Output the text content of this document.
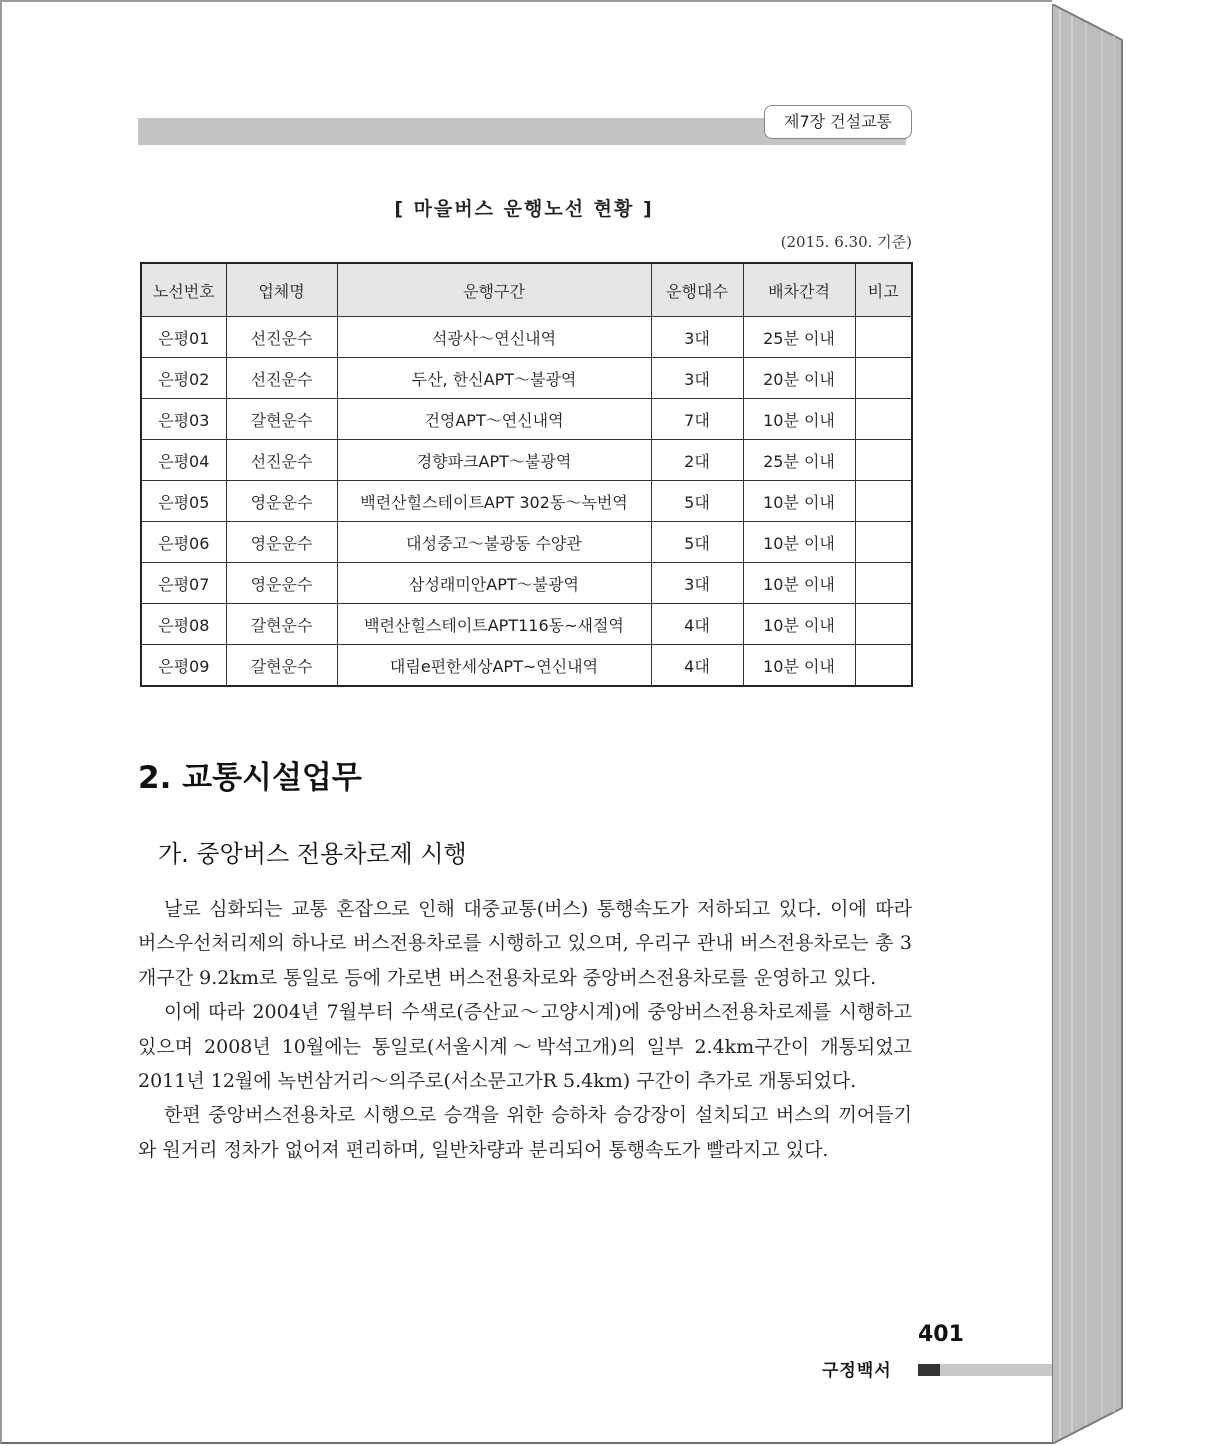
제7장 건설교통
[ 마을버스 운행노선 현황 ]
(2015. 6.30. 기준)
노선번호	업체명	운행구간	운행대수	배차간격	비고
은평01	선진운수	석광사～연신내역	3대	25분 이내	
은평02	선진운수	두산, 한신APT～불광역	3대	20분 이내	
은평03	갈현운수	건영APT～연신내역	7대	10분 이내	
은평04	선진운수	경향파크APT～불광역	2대	25분 이내	
은평05	영운운수	백련산힐스테이트APT 302동～녹번역	5대	10분 이내	
은평06	영운운수	대성중고～불광동 수양관	5대	10분 이내	
은평07	영운운수	삼성래미안APT～불광역	3대	10분 이내	
은평08	갈현운수	백련산힐스테이트APT116동~새절역	4대	10분 이내	
은평09	갈현운수	대림e편한세상APT~연신내역	4대	10분 이내	
2. 교통시설업무
가. 중앙버스 전용차로제 시행

날로 심화되는 교통 혼잡으로 인해 대중교통(버스) 통행속도가 저하되고 있다. 이에 따라 버스우선처리제의 하나로 버스전용차로를 시행하고 있으며, 우리구 관내 버스전용차로는 총 3개구간 9.2km로 통일로 등에 가로변 버스전용차로와 중앙버스전용차로를 운영하고 있다.

이에 따라 2004년 7월부터 수색로(증산교～고양시계)에 중앙버스전용차로제를 시행하고 있으며 2008년 10월에는 통일로(서울시계～박석고개)의 일부 2.4km구간이 개통되었고 2011년 12월에 녹번삼거리～의주로(서소문고가R 5.4km) 구간이 추가로 개통되었다.

한편 중앙버스전용차로 시행으로 승객을 위한 승하차 승강장이 설치되고 버스의 끼어들기와 원거리 정차가 없어져 편리하며, 일반차량과 분리되어 통행속도가 빨라지고 있다.

401
구정백서
